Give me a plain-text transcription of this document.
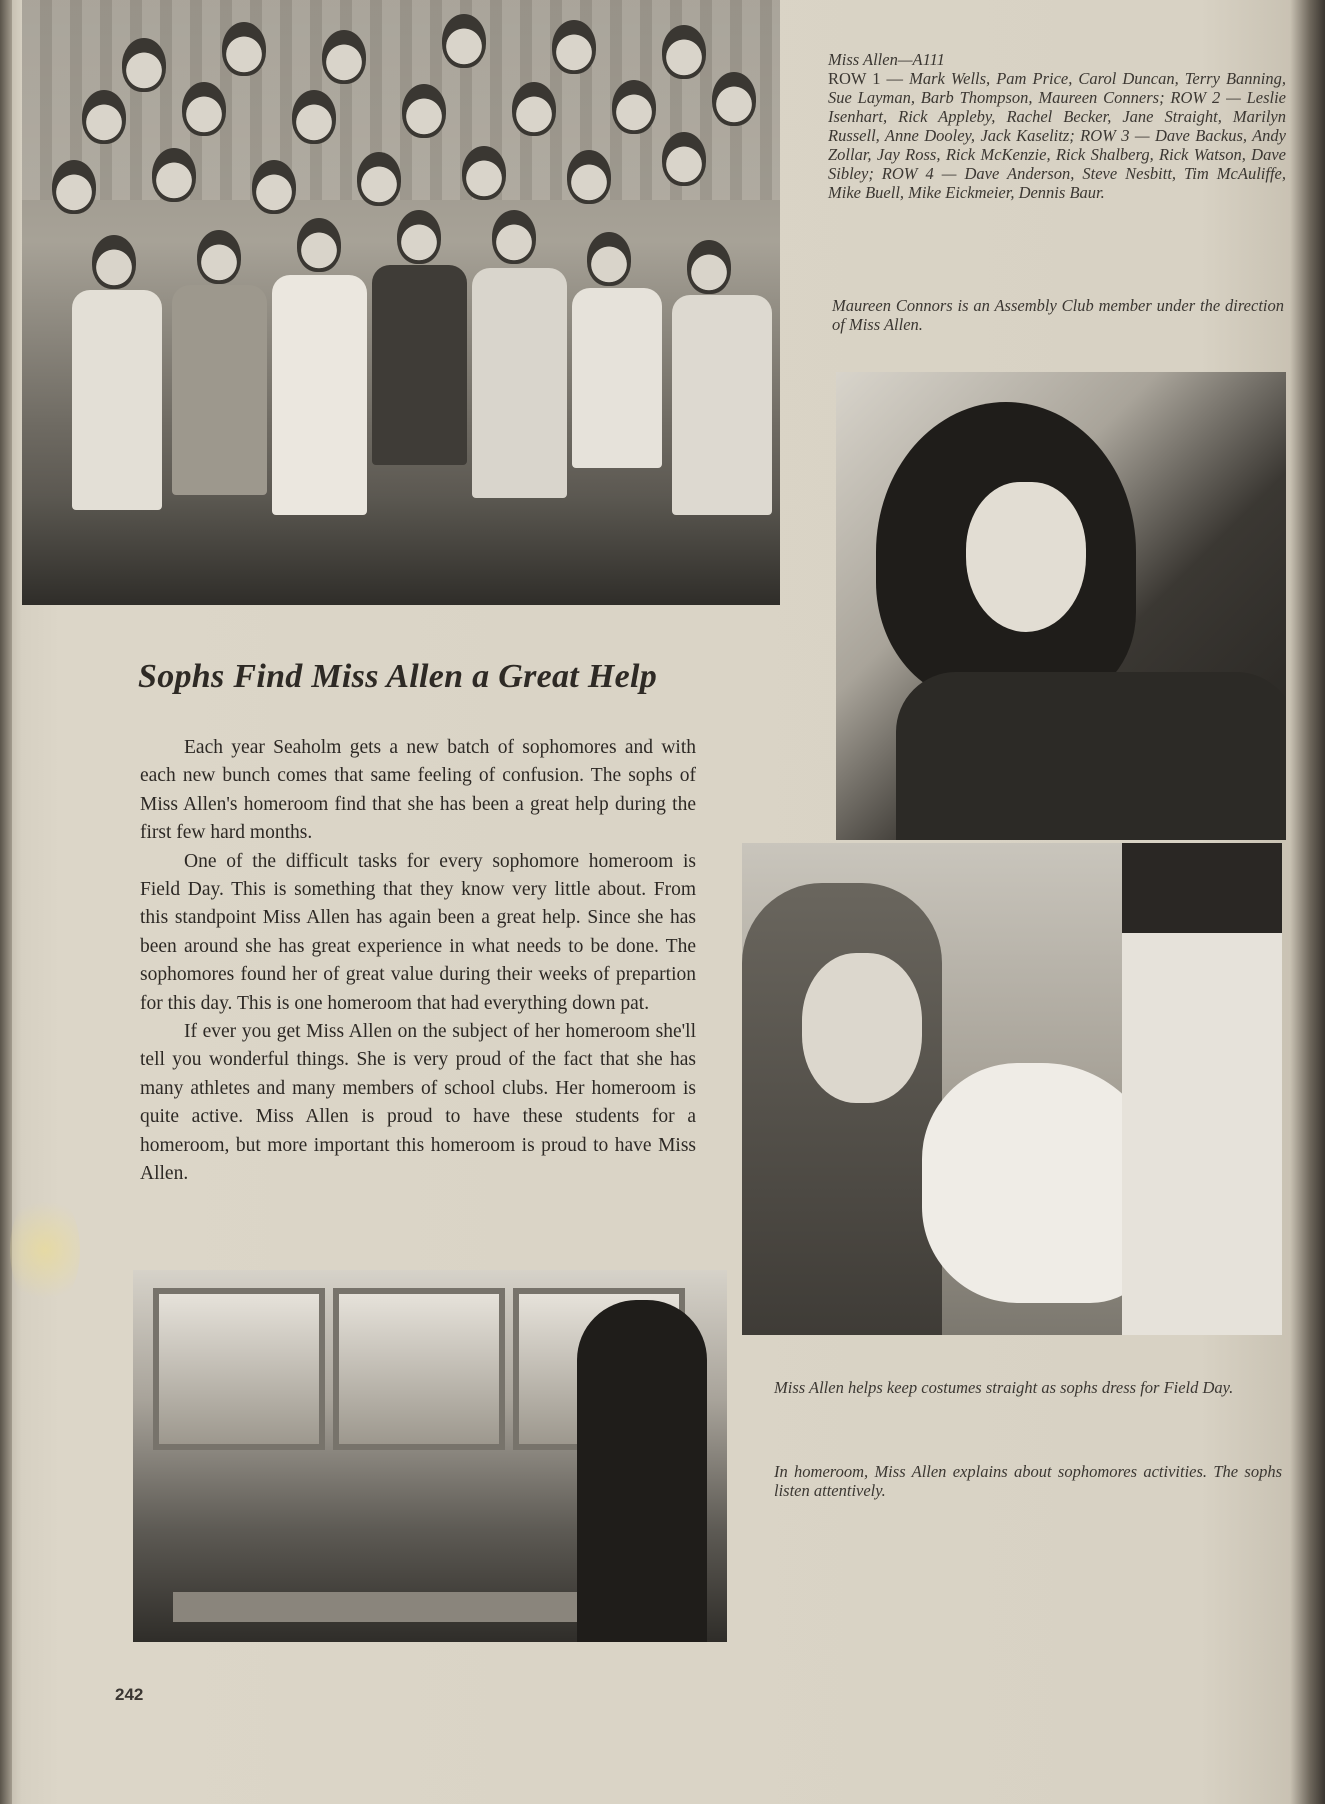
Miss Allen—A111
ROW 1 — Mark Wells, Pam Price, Carol Duncan, Terry Banning, Sue Layman, Barb Thompson, Maureen Conners; ROW 2 — Leslie Isenhart, Rick Appleby, Rachel Becker, Jane Straight, Marilyn Russell, Anne Dooley, Jack Kaselitz; ROW 3 — Dave Backus, Andy Zollar, Jay Ross, Rick McKenzie, Rick Shalberg, Rick Watson, Dave Sibley; ROW 4 — Dave Anderson, Steve Nesbitt, Tim McAuliffe, Mike Buell, Mike Eickmeier, Dennis Baur.

Maureen Connors is an Assembly Club member under the direction of Miss Allen.

Sophs Find Miss Allen a Great Help

Each year Seaholm gets a new batch of sophomores and with each new bunch comes that same feeling of confusion. The sophs of Miss Allen's homeroom find that she has been a great help during the first few hard months.

One of the difficult tasks for every sophomore homeroom is Field Day. This is something that they know very little about. From this standpoint Miss Allen has again been a great help. Since she has been around she has great experience in what needs to be done. The sophomores found her of great value during their weeks of prepartion for this day. This is one homeroom that had everything down pat.

If ever you get Miss Allen on the subject of her homeroom she'll tell you wonderful things. She is very proud of the fact that she has many athletes and many members of school clubs. Her homeroom is quite active. Miss Allen is proud to have these students for a homeroom, but more important this homeroom is proud to have Miss Allen.

Miss Allen helps keep costumes straight as sophs dress for Field Day.

In homeroom, Miss Allen explains about sophomores activities. The sophs listen attentively.

242
